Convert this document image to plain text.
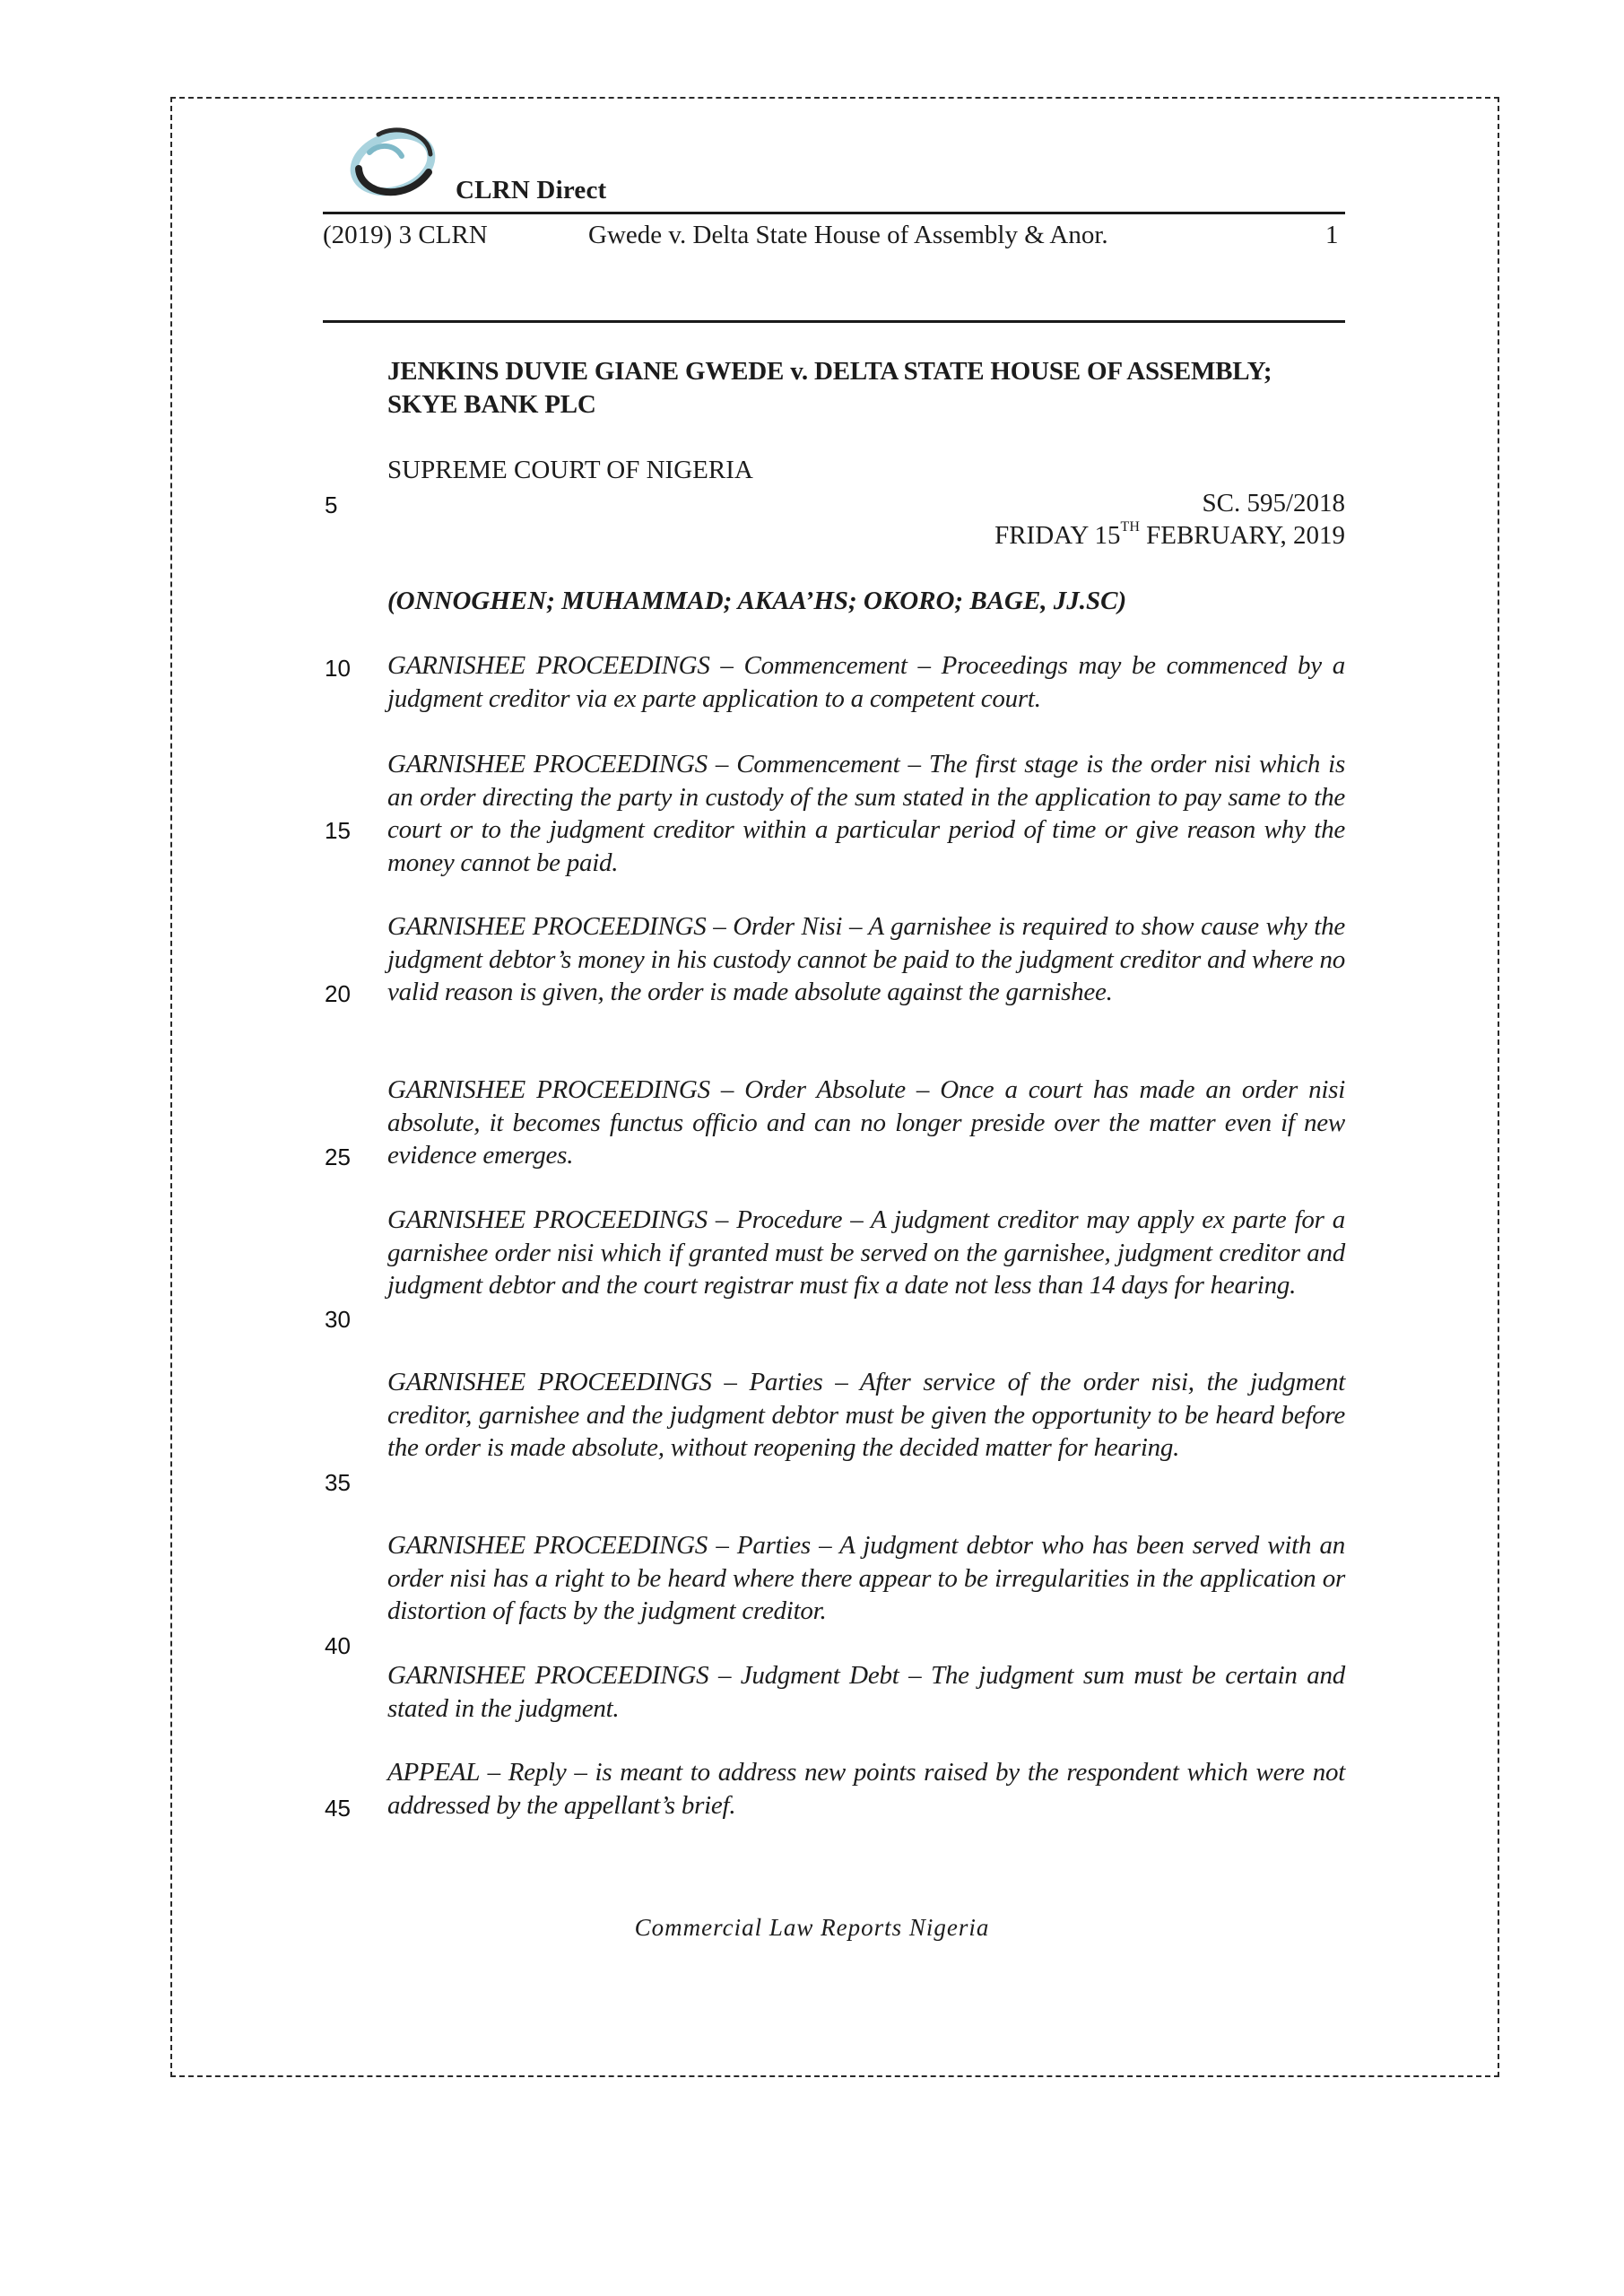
CLRN Direct
(2019) 3 CLRN	Gwede v. Delta State House of Assembly & Anor.	1
JENKINS DUVIE GIANE GWEDE v. DELTA STATE HOUSE OF ASSEMBLY; SKYE BANK PLC
SUPREME COURT OF NIGERIA
SC. 595/2018
FRIDAY 15TH FEBRUARY, 2019
(ONNOGHEN; MUHAMMAD; AKAA’HS; OKORO; BAGE, JJ.SC)
GARNISHEE PROCEEDINGS – Commencement – Proceedings may be commenced by a judgment creditor via ex parte application to a competent court.
GARNISHEE PROCEEDINGS – Commencement – The first stage is the order nisi which is an order directing the party in custody of the sum stated in the application to pay same to the court or to the judgment creditor within a particular period of time or give reason why the money cannot be paid.
GARNISHEE PROCEEDINGS – Order Nisi – A garnishee is required to show cause why the judgment debtor’s money in his custody cannot be paid to the judgment creditor and where no valid reason is given, the order is made absolute against the garnishee.
GARNISHEE PROCEEDINGS – Order Absolute – Once a court has made an order nisi absolute, it becomes functus officio and can no longer preside over the matter even if new evidence emerges.
GARNISHEE PROCEEDINGS – Procedure – A judgment creditor may apply ex parte for a garnishee order nisi which if granted must be served on the garnishee, judgment creditor and judgment debtor and the court registrar must fix a date not less than 14 days for hearing.
GARNISHEE PROCEEDINGS – Parties – After service of the order nisi, the judgment creditor, garnishee and the judgment debtor must be given the opportunity to be heard before the order is made absolute, without reopening the decided matter for hearing.
GARNISHEE PROCEEDINGS – Parties – A judgment debtor who has been served with an order nisi has a right to be heard where there appear to be irregularities in the application or distortion of facts by the judgment creditor.
GARNISHEE PROCEEDINGS – Judgment Debt – The judgment sum must be certain and stated in the judgment.
APPEAL – Reply – is meant to address new points raised by the respondent which were not addressed by the appellant’s brief.
5
10
15
20
25
30
35
40
45
Commercial Law Reports Nigeria
